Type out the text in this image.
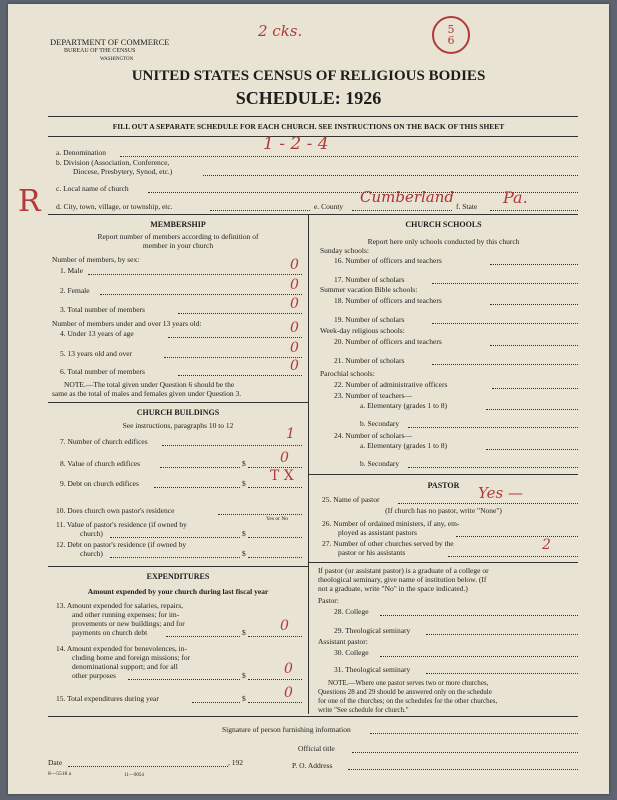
DEPARTMENT OF COMMERCE
BUREAU OF THE CENSUS
WASHINGTON
UNITED STATES CENSUS OF RELIGIOUS BODIES
SCHEDULE: 1926
FILL OUT A SEPARATE SCHEDULE FOR EACH CHURCH. SEE INSTRUCTIONS ON THE BACK OF THIS SHEET
2 cks.	5
6
R
a. Denomination	1 - 2 - 4
b. Division (Association, Conference,
Diocese, Presbytery, Synod, etc.)
c. Local name of church
d. City, town, village, or township, etc.	e. County
Cumberland
f. State Pa.
MEMBERSHIP
Report number of members according to definition of
member in your church
Number of members, by sex:
1. Male	0
2. Female	0
3. Total number of members	0
Number of members under and over 13 years old:
4. Under 13 years of age	0
5. 13 years old and over	0
6. Total number of members	0
NOTE.—The total given under Question 6 should be the
same as the total of males and females given under Question 3.
CHURCH BUILDINGS
See instructions, paragraphs 10 to 12
7. Number of church edifices	1
8. Value of church edifices	$ 0
9. Debt on church edifices	$ T X
10. Does church own pastor's residence
Yes or No
11. Value of pastor's residence (if owned by
church)	$
12. Debt on pastor's residence (if owned by
church)	$
EXPENDITURES
Amount expended by your church during last fiscal year
13. Amount expended for salaries, repairs,
and other running expenses; for im-
provements or new buildings; and for
payments on church debt	$ 0
14. Amount expended for benevolences, in-
cluding home and foreign missions; for
denominational support; and for all
other purposes	$	0
15. Total expenditures during year	$	0
CHURCH SCHOOLS
Report here only schools conducted by this church
Sunday schools:
16. Number of officers and teachers
17. Number of scholars
Summer vacation Bible schools:
18. Number of officers and teachers
19. Number of scholars
Week-day religious schools:
20. Number of officers and teachers
21. Number of scholars
Parochial schools:
22. Number of administrative officers
23. Number of teachers—
a. Elementary (grades 1 to 8)
b. Secondary
24. Number of scholars—
a. Elementary (grades 1 to 8)
b. Secondary
PASTOR
25. Name of pastor	Yes —
(If church has no pastor, write "None")
26. Number of ordained ministers, if any, em-
ployed as assistant pastors
27. Number of other churches served by the
pastor or his assistants	2
If pastor (or assistant pastor) is a graduate of a college or
theological seminary, give name of institution below. (If
not a graduate, write "No" in the space indicated.)
Pastor:
28. College
29. Theological seminary
Assistant pastor:
30. College
31. Theological seminary
NOTE.—Where one pastor serves two or more churches,
Questions 28 and 29 should be answered only on the schedule
for one of the churches; on the schedules for the other churches,
write "See schedule for church."
Signature of person furnishing information
Official title
Date	, 192	P. O. Address
8—5518 a	11—9054
